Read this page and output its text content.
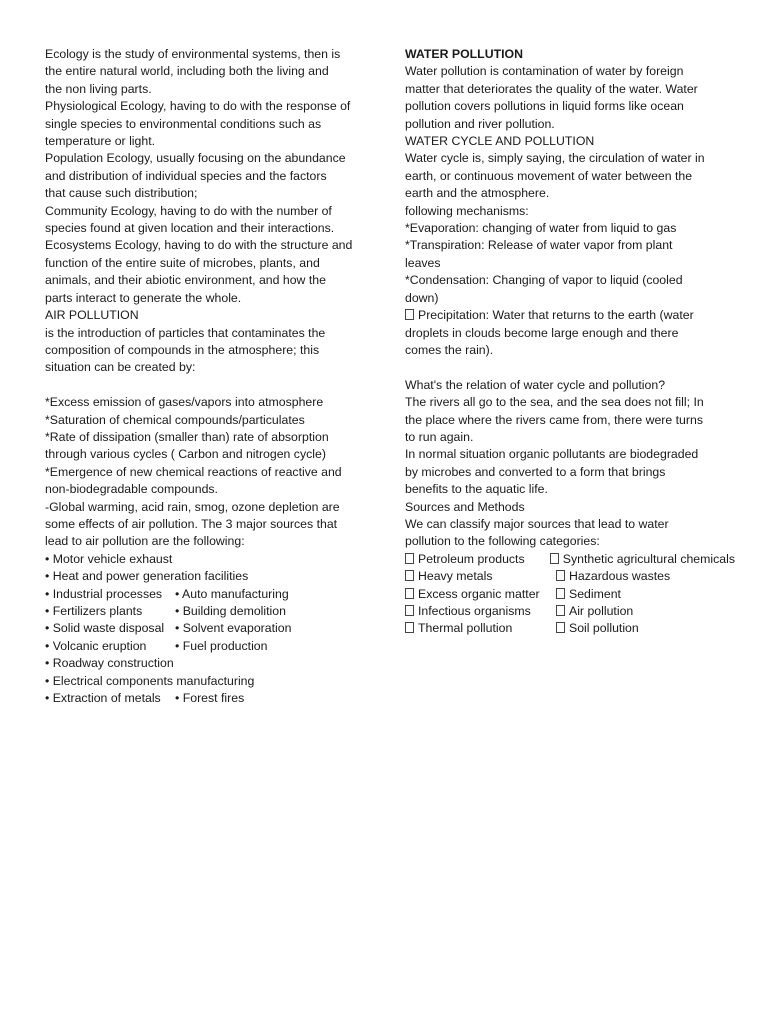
Ecology is the study of environmental systems, then is
the entire natural world, including both the living and
the non living parts.
Physiological Ecology, having to do with the response of
single species to environmental conditions such as
temperature or light.
Population Ecology, usually focusing on the abundance
and distribution of individual species and the factors
that cause such distribution;
Community Ecology, having to do with the number of
species found at given location and their interactions.
Ecosystems Ecology, having to do with the structure and
function of the entire suite of microbes, plants, and
animals, and their abiotic environment, and how the
parts interact to generate the whole.
AIR POLLUTION
is the introduction of particles that contaminates the
composition of compounds in the atmosphere; this
situation can be created by:
*Excess emission of gases/vapors into atmosphere
*Saturation of chemical compounds/particulates
*Rate of dissipation (smaller than) rate of absorption
through various cycles ( Carbon and nitrogen cycle)
*Emergence of new chemical reactions of reactive and
non-biodegradable compounds.
-Global warming, acid rain, smog, ozone depletion are
some effects of air pollution. The 3 major sources that
lead to air pollution are the following:
• Motor vehicle exhaust
• Heat and power generation facilities
• Industrial processes	• Auto manufacturing
• Fertilizers plants	• Building demolition
• Solid waste disposal • Solvent evaporation
• Volcanic eruption	• Fuel production
• Roadway construction
• Electrical components manufacturing
• Extraction of metals	• Forest fires
WATER POLLUTION
Water pollution is contamination of water by foreign
matter that deteriorates the quality of the water. Water
pollution covers pollutions in liquid forms like ocean
pollution and river pollution.
WATER CYCLE AND POLLUTION
Water cycle is, simply saying, the circulation of water in
earth, or continuous movement of water between the
earth and the atmosphere.
following mechanisms:
*Evaporation: changing of water from liquid to gas
*Transpiration: Release of water vapor from plant
leaves
*Condensation: Changing of vapor to liquid (cooled
down)
Precipitation: Water that returns to the earth (water
droplets in clouds become large enough and there
comes the rain).
What's the relation of water cycle and pollution?
The rivers all go to the sea, and the sea does not fill; In
the place where the rivers came from, there were turns
to run again.
In normal situation organic pollutants are biodegraded
by microbes and converted to a form that brings
benefits to the aquatic life.
Sources and Methods
We can classify major sources that lead to water
pollution to the following categories:
Petroleum products	Synthetic agricultural chemicals
Heavy metals	Hazardous wastes
Excess organic matter	Sediment
Infectious organisms	Air pollution
Thermal pollution	Soil pollution
